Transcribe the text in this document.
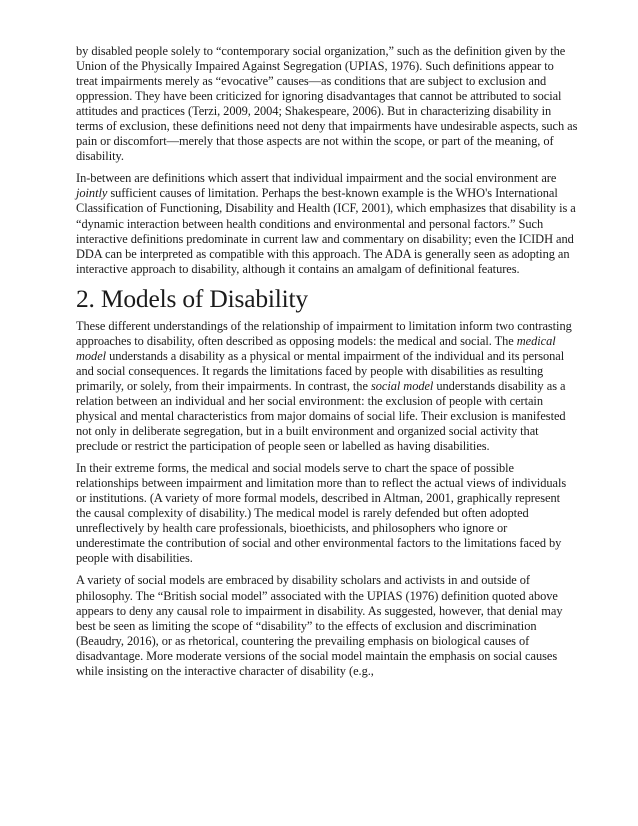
by disabled people solely to “contemporary social organization,” such as the definition given by the Union of the Physically Impaired Against Segregation (UPIAS, 1976). Such definitions appear to treat impairments merely as “evocative” causes—as conditions that are subject to exclusion and oppression. They have been criticized for ignoring disadvantages that cannot be attributed to social attitudes and practices (Terzi, 2009, 2004; Shakespeare, 2006). But in characterizing disability in terms of exclusion, these definitions need not deny that impairments have undesirable aspects, such as pain or discomfort—merely that those aspects are not within the scope, or part of the meaning, of disability.

In-between are definitions which assert that individual impairment and the social environment are jointly sufficient causes of limitation. Perhaps the best-known example is the WHO's International Classification of Functioning, Disability and Health (ICF, 2001), which emphasizes that disability is a “dynamic interaction between health conditions and environmental and personal factors.” Such interactive definitions predominate in current law and commentary on disability; even the ICIDH and DDA can be interpreted as compatible with this approach. The ADA is generally seen as adopting an interactive approach to disability, although it contains an amalgam of definitional features.

2. Models of Disability

These different understandings of the relationship of impairment to limitation inform two contrasting approaches to disability, often described as opposing models: the medical and social. The medical model understands a disability as a physical or mental impairment of the individual and its personal and social consequences. It regards the limitations faced by people with disabilities as resulting primarily, or solely, from their impairments. In contrast, the social model understands disability as a relation between an individual and her social environment: the exclusion of people with certain physical and mental characteristics from major domains of social life. Their exclusion is manifested not only in deliberate segregation, but in a built environment and organized social activity that preclude or restrict the participation of people seen or labelled as having disabilities.

In their extreme forms, the medical and social models serve to chart the space of possible relationships between impairment and limitation more than to reflect the actual views of individuals or institutions. (A variety of more formal models, described in Altman, 2001, graphically represent the causal complexity of disability.) The medical model is rarely defended but often adopted unreflectively by health care professionals, bioethicists, and philosophers who ignore or underestimate the contribution of social and other environmental factors to the limitations faced by people with disabilities.

A variety of social models are embraced by disability scholars and activists in and outside of philosophy. The “British social model” associated with the UPIAS (1976) definition quoted above appears to deny any causal role to impairment in disability. As suggested, however, that denial may best be seen as limiting the scope of “disability” to the effects of exclusion and discrimination (Beaudry, 2016), or as rhetorical, countering the prevailing emphasis on biological causes of disadvantage. More moderate versions of the social model maintain the emphasis on social causes while insisting on the interactive character of disability (e.g.,
